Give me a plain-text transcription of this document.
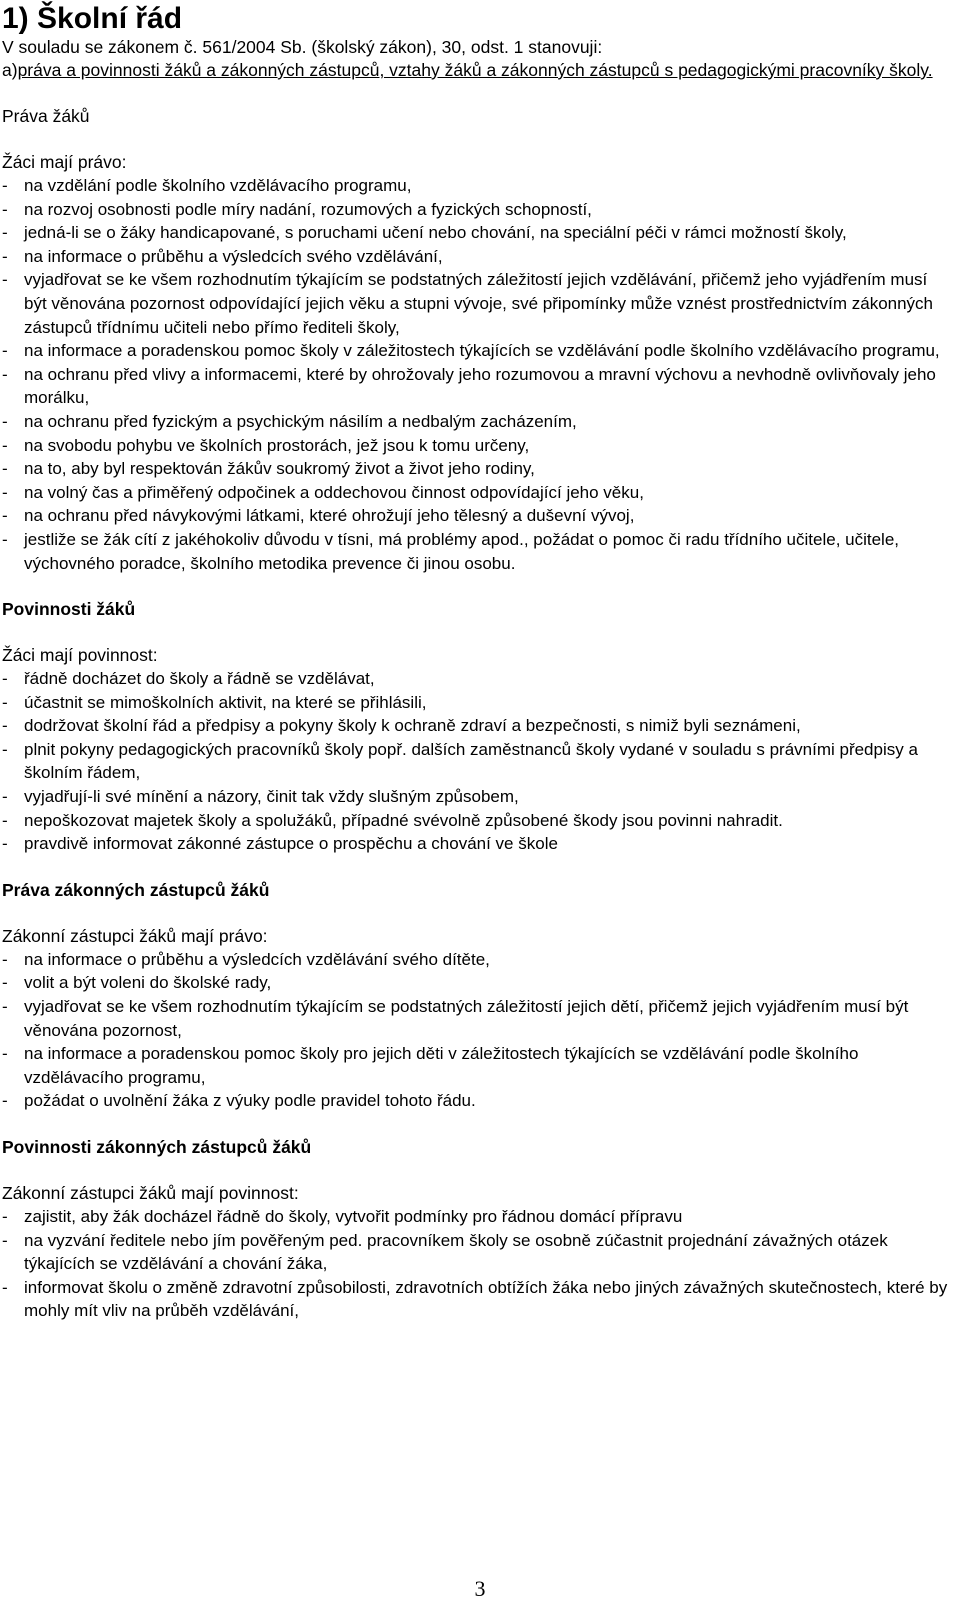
1) Školní řád
V souladu se zákonem č. 561/2004 Sb. (školský zákon), 30, odst. 1 stanovuji:
a) práva a povinnosti žáků a zákonných zástupců, vztahy žáků a zákonných zástupců s pedagogickými pracovníky školy.
Práva žáků
Žáci mají právo:
- na vzdělání podle školního vzdělávacího programu,
- na rozvoj osobnosti podle míry nadání, rozumových a fyzických schopností,
- jedná-li se o žáky handicapované, s poruchami učení nebo chování, na speciální péči v rámci možností školy,
- na informace o průběhu a výsledcích svého vzdělávání,
- vyjadřovat se ke všem rozhodnutím týkajícím se podstatných záležitostí jejich vzdělávání, přičemž jeho vyjádřením musí být věnována pozornost odpovídající jejich věku a stupni vývoje, své připomínky může vznést prostřednictvím zákonných zástupců třídnímu učiteli nebo přímo řediteli školy,
- na informace a poradenskou pomoc školy v záležitostech týkajících se vzdělávání podle školního vzdělávacího programu,
- na ochranu před vlivy a informacemi, které by ohrožovaly jeho rozumovou a mravní výchovu a nevhodně ovlivňovaly jeho morálku,
- na ochranu před fyzickým a psychickým násilím a nedbalým zacházením,
- na svobodu pohybu ve školních prostorách, jež jsou k tomu určeny,
- na to, aby byl respektován žákův soukromý život a život jeho rodiny,
- na volný čas a přiměřený odpočinek a oddechovou činnost odpovídající jeho věku,
- na ochranu před návykovými látkami, které ohrožují jeho tělesný a duševní vývoj,
- jestliže se žák cítí z jakéhokoliv důvodu v tísni, má problémy apod., požádat o pomoc či radu třídního učitele, učitele, výchovného poradce, školního metodika prevence či jinou osobu.
Povinnosti žáků
Žáci mají povinnost:
- řádně docházet do školy a řádně se vzdělávat,
- účastnit se mimoškolních aktivit, na které se přihlásili,
- dodržovat školní řád a předpisy a pokyny školy k ochraně zdraví a bezpečnosti, s nimiž byli seznámeni,
- plnit pokyny pedagogických pracovníků školy popř. dalších zaměstnanců školy vydané v souladu s právními předpisy a školním řádem,
- vyjadřují-li své mínění a názory, činit tak vždy slušným způsobem,
- nepoškozovat majetek školy a spolužáků, případné svévolně způsobené škody jsou povinni nahradit.
- pravdivě informovat zákonné zástupce o prospěchu a chování ve škole
Práva zákonných zástupců žáků
Zákonní zástupci žáků mají právo:
- na informace o průběhu a výsledcích vzdělávání svého dítěte,
- volit a být voleni do školské rady,
- vyjadřovat se ke všem rozhodnutím týkajícím se podstatných záležitostí jejich dětí, přičemž jejich vyjádřením musí být věnována pozornost,
- na informace a poradenskou pomoc školy pro jejich děti v záležitostech týkajících se vzdělávání podle školního vzdělávacího programu,
- požádat o uvolnění žáka z výuky podle pravidel tohoto řádu.
Povinnosti zákonných zástupců žáků
Zákonní zástupci žáků mají povinnost:
- zajistit, aby žák docházel řádně do školy, vytvořit podmínky pro řádnou domácí přípravu
- na vyzvání ředitele nebo jím pověřeným ped. pracovníkem školy se osobně zúčastnit projednání závažných otázek týkajících se vzdělávání a chování žáka,
- informovat školu o změně zdravotní způsobilosti, zdravotních obtížích žáka nebo jiných závažných skutečnostech, které by mohly mít vliv na průběh vzdělávání,
3
